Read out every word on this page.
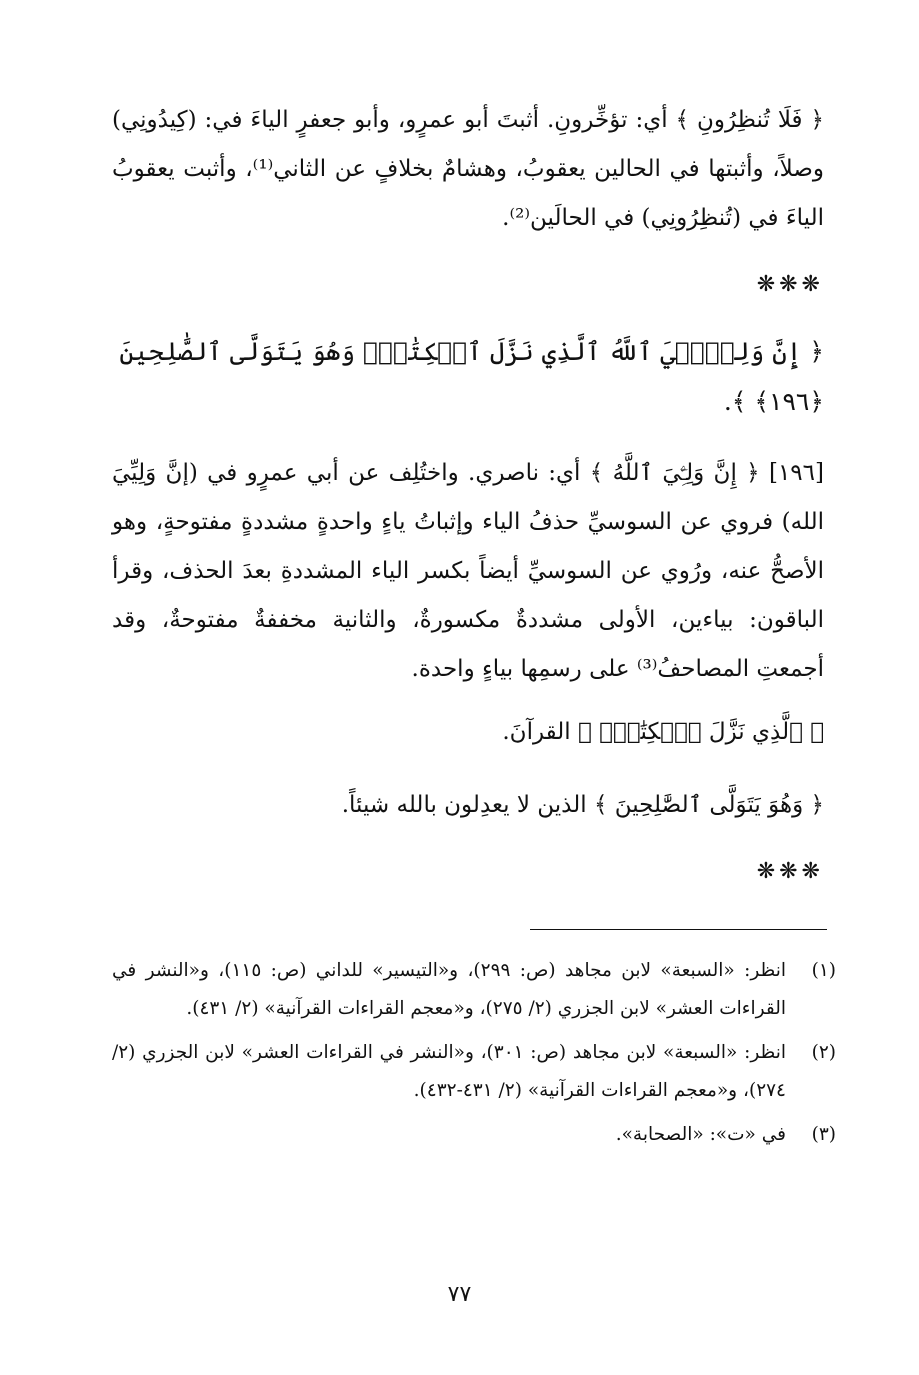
﴿ فَلَا تُنظِرُونِ ﴾ أي: تؤخِّرونِ. أثبتَ أبو عمرٍو، وأبو جعفرٍ الياءَ في: (كِيدُونِي) وصلاً، وأثبتها في الحالين يعقوبُ، وهشامٌ بخلافٍ عن الثاني⁽¹⁾، وأثبت يعقوبُ الياءَ في (تُنظِرُونِي) في الحالَين⁽²⁾.

❋❋❋

﴿ إِنَّ وَلِـِّۧيَ ٱللَّهُ ٱلَّذِي نَزَّلَ ٱلۡكِتَٰبَۖ وَهُوَ يَتَوَلَّى ٱلصَّٰلِحِينَ ﴿١٩٦﴾ ﴾.

[١٩٦] ﴿ إِنَّ وَلِـِّۧيَ ٱللَّهُ ﴾ أي: ناصري. واختُلِف عن أبي عمرٍو في (إنَّ وَلِيِّيَ الله) فروي عن السوسيِّ حذفُ الياء وإثباتُ ياءٍ واحدةٍ مشددةٍ مفتوحةٍ، وهو الأصحُّ عنه، ورُوي عن السوسيِّ أيضاً بكسر الياء المشددةِ بعدَ الحذف، وقرأ الباقون: بياءين، الأولى مشددةٌ مكسورةٌ، والثانية مخففةٌ مفتوحةٌ، وقد أجمعتِ المصاحفُ⁽³⁾ على رسمِها بياءٍ واحدة.

﴿ ٱلَّذِي نَزَّلَ ٱلۡكِتَٰبَۖ ﴾ القرآنَ.

﴿ وَهُوَ يَتَوَلَّى ٱلصَّٰلِحِينَ ﴾ الذين لا يعدِلون بالله شيئاً.

❋❋❋
(١)
انظر: «السبعة» لابن مجاهد (ص: ٢٩٩)، و«التيسير» للداني (ص: ١١٥)، و«النشر في القراءات العشر» لابن الجزري (٢/ ٢٧٥)، و«معجم القراءات القرآنية» (٢/ ٤٣١).
(٢)
انظر: «السبعة» لابن مجاهد (ص: ٣٠١)، و«النشر في القراءات العشر» لابن الجزري (٢/ ٢٧٤)، و«معجم القراءات القرآنية» (٢/ ٤٣١-٤٣٢).
(٣)
في «ت»: «الصحابة».
٧٧
